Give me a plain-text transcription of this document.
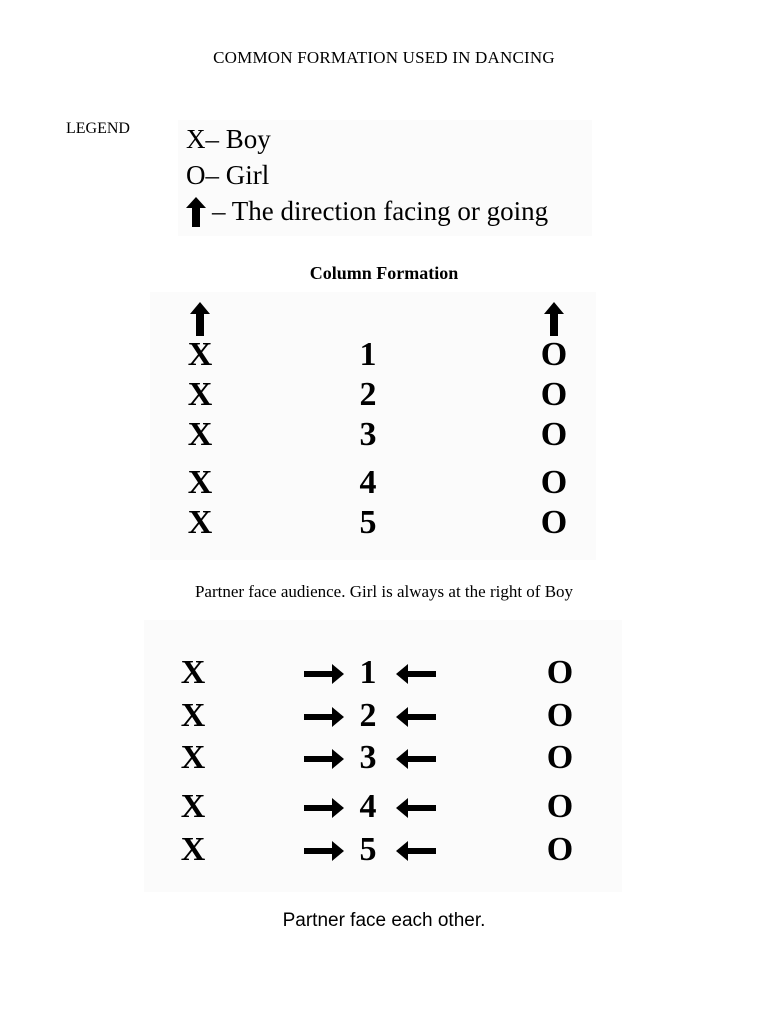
COMMON FORMATION USED IN DANCING
LEGEND X – Boy
O – Girl
– The direction facing or going
Column Formation
X	1	O
X	2	O
X	3	O
X	4	O
X	5	O
Partner face audience. Girl is always at the right of Boy
X	1	O
X	2	O
X	3	O
X	4	O
X	5	O
Partner face each other.
